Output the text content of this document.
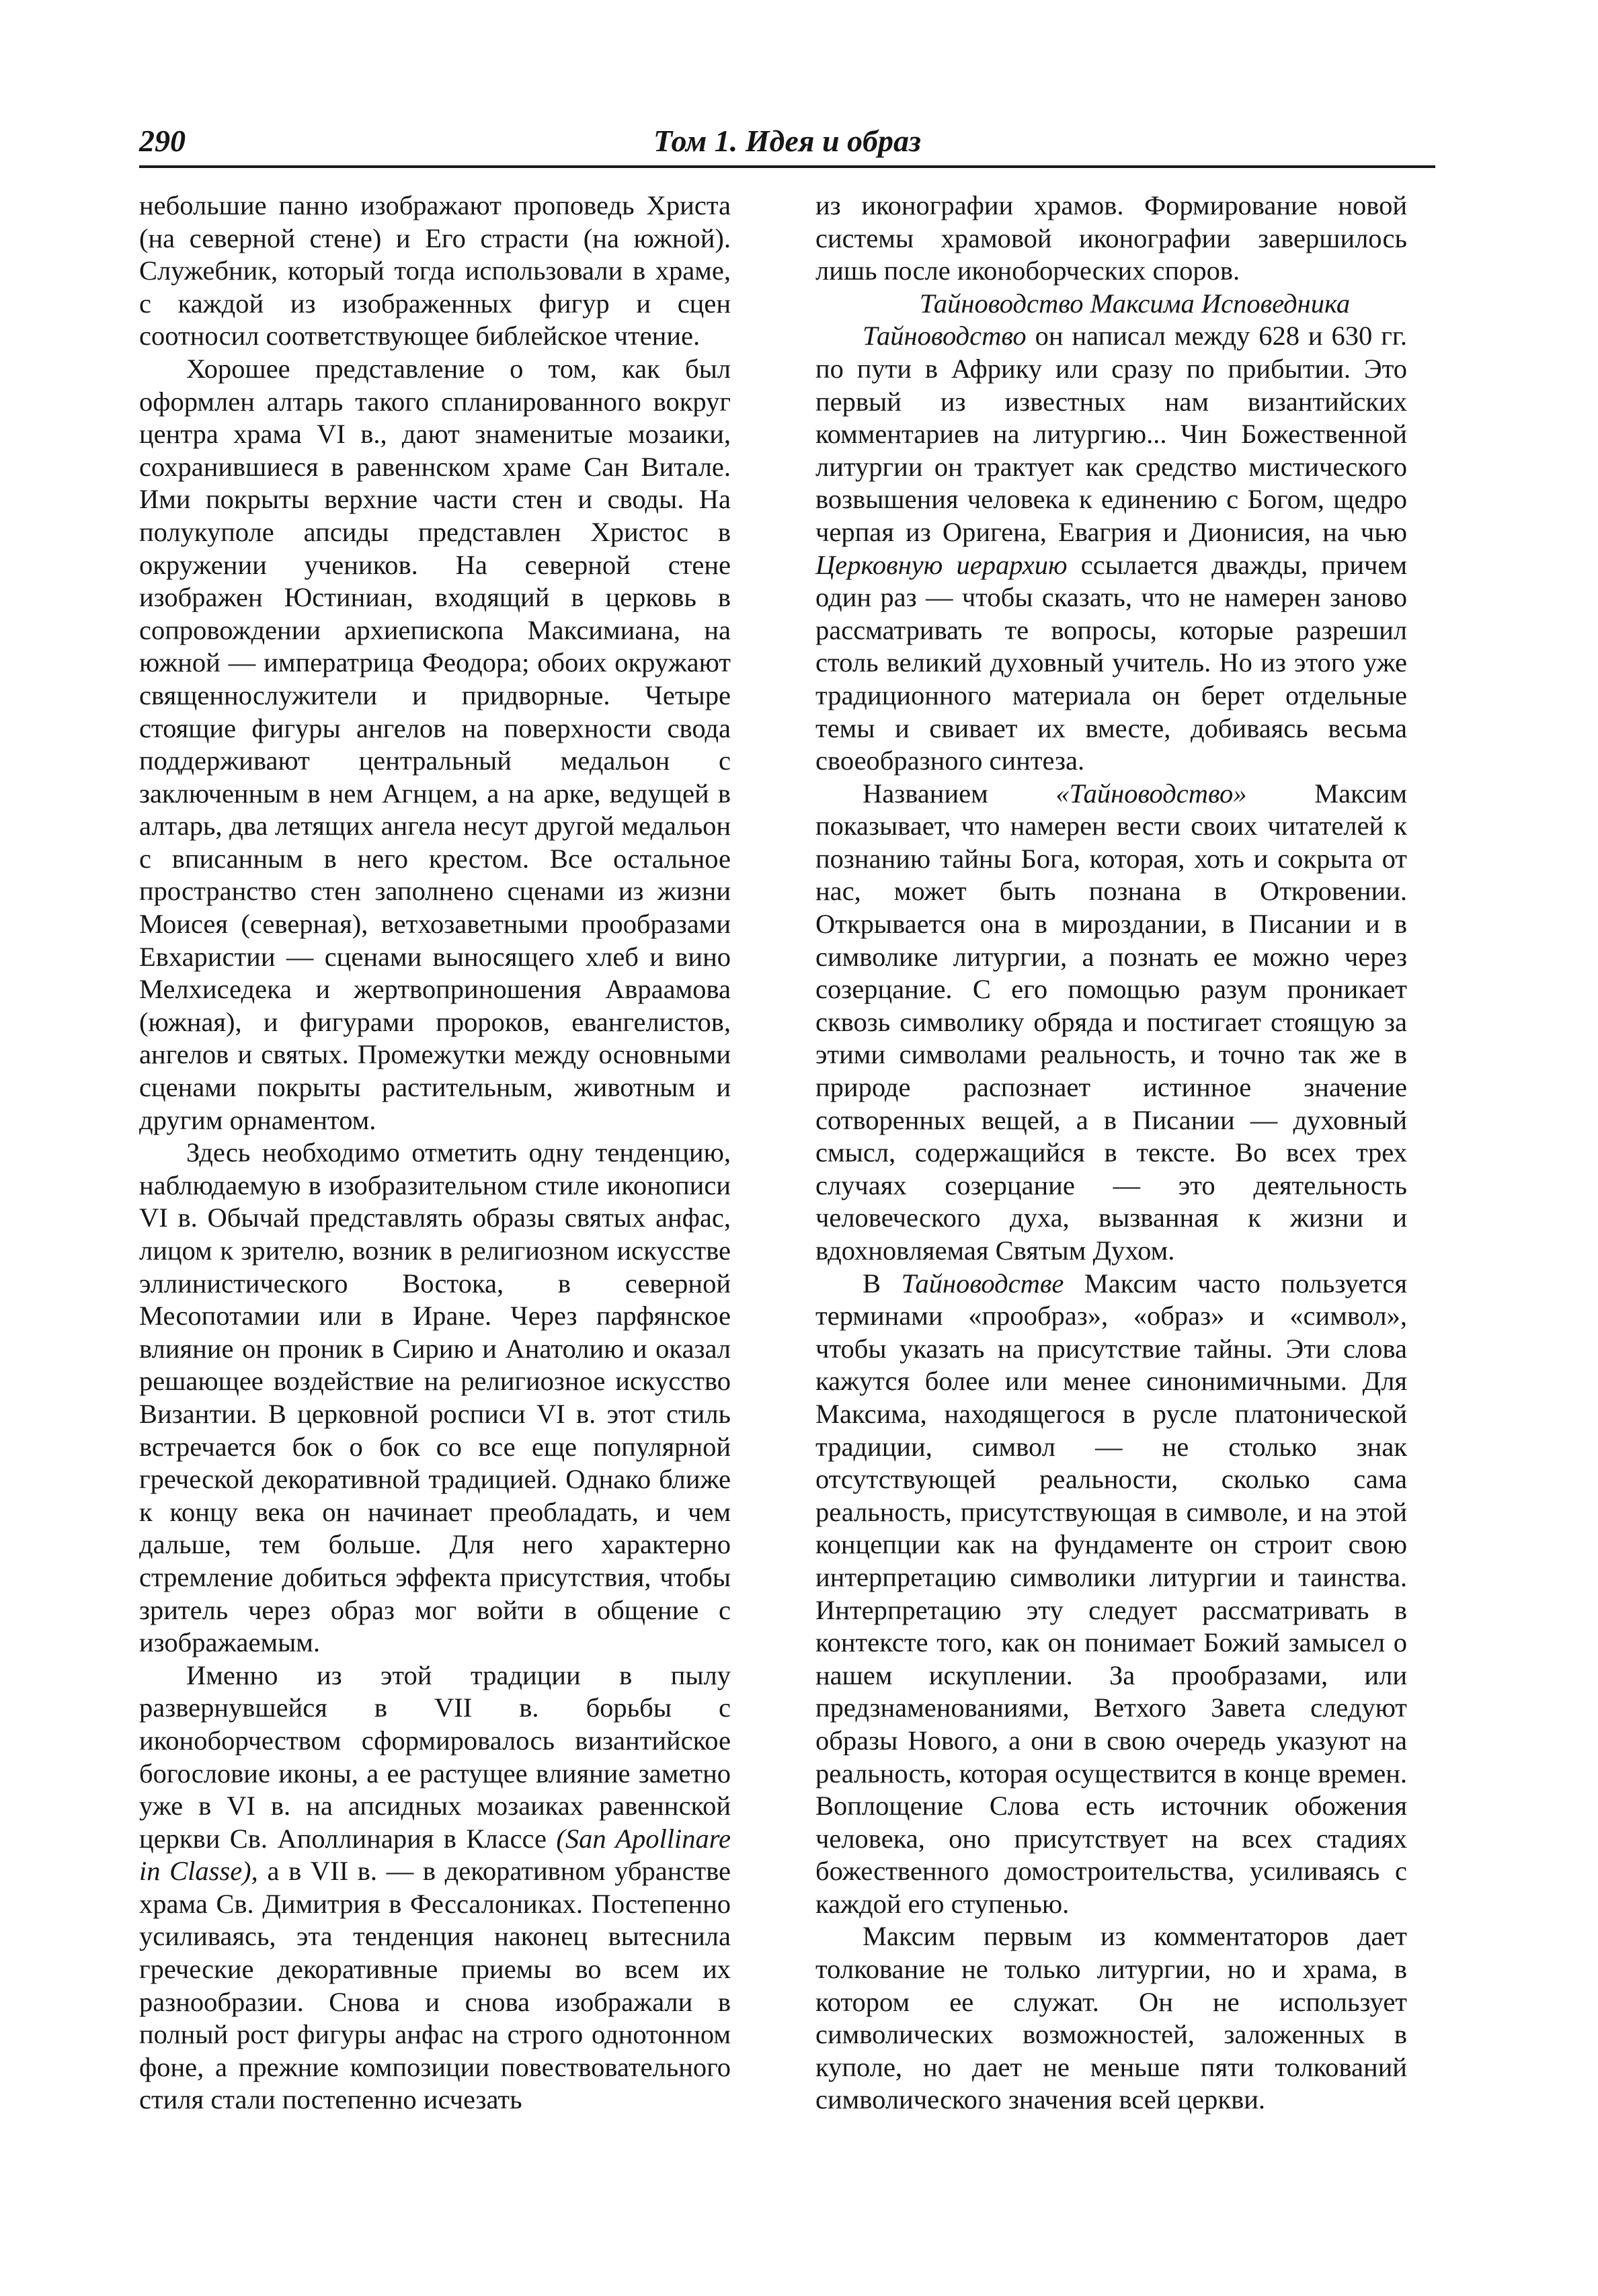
290	Том 1. Идея и образ

небольшие панно изображают проповедь Христа (на северной стене) и Его страсти (на южной). Служебник, который тогда использовали в храме, с каждой из изображенных фигур и сцен соотносил соответствующее библейское чтение.

Хорошее представление о том, как был оформлен алтарь такого спланированного вокруг центра храма VI в., дают знаменитые мозаики, сохранившиеся в равеннском храме Сан Витале. Ими покрыты верхние части стен и своды. На полукуполе апсиды представлен Христос в окружении учеников. На северной стене изображен Юстиниан, входящий в церковь в сопровождении архиепископа Максимиана, на южной — императрица Феодора; обоих окружают священнослужители и придворные. Четыре стоящие фигуры ангелов на поверхности свода поддерживают центральный медальон с заключенным в нем Агнцем, а на арке, ведущей в алтарь, два летящих ангела несут другой медальон с вписанным в него крестом. Все остальное пространство стен заполнено сценами из жизни Моисея (северная), ветхозаветными прообразами Евхаристии — сценами выносящего хлеб и вино Мелхиседека и жертвоприношения Авраамова (южная), и фигурами пророков, евангелистов, ангелов и святых. Промежутки между основными сценами покрыты растительным, животным и другим орнаментом.

Здесь необходимо отметить одну тенденцию, наблюдаемую в изобразительном стиле иконописи VI в. Обычай представлять образы святых анфас, лицом к зрителю, возник в религиозном искусстве эллинистического Востока, в северной Месопотамии или в Иране. Через парфянское влияние он проник в Сирию и Анатолию и оказал решающее воздействие на религиозное искусство Византии. В церковной росписи VI в. этот стиль встречается бок о бок со все еще популярной греческой декоративной традицией. Однако ближе к концу века он начинает преобладать, и чем дальше, тем больше. Для него характерно стремление добиться эффекта присутствия, чтобы зритель через образ мог войти в общение с изображаемым.

Именно из этой традиции в пылу развернувшейся в VII в. борьбы с иконоборчеством сформировалось византийское богословие иконы, а ее растущее влияние заметно уже в VI в. на апсидных мозаиках равеннской церкви Св. Аполлинария в Классе (San Apollinare in Classe), а в VII в. — в декоративном убранстве храма Св. Димитрия в Фессалониках. Постепенно усиливаясь, эта тенденция наконец вытеснила греческие декоративные приемы во всем их разнообразии. Снова и снова изображали в полный рост фигуры анфас на строго однотонном фоне, а прежние композиции повествовательного стиля стали постепенно исчезать

из иконографии храмов. Формирование новой системы храмовой иконографии завершилось лишь после иконоборческих споров.

Тайноводство Максима Исповедника

Тайноводство он написал между 628 и 630 гг. по пути в Африку или сразу по прибытии. Это первый из известных нам византийских комментариев на литургию... Чин Божественной литургии он трактует как средство мистического возвышения человека к единению с Богом, щедро черпая из Оригена, Евагрия и Дионисия, на чью Церковную иерархию ссылается дважды, причем один раз — чтобы сказать, что не намерен заново рассматривать те вопросы, которые разрешил столь великий духовный учитель. Но из этого уже традиционного материала он берет отдельные темы и свивает их вместе, добиваясь весьма своеобразного синтеза.

Названием «Тайноводство» Максим показывает, что намерен вести своих читателей к познанию тайны Бога, которая, хоть и сокрыта от нас, может быть познана в Откровении. Открывается она в мироздании, в Писании и в символике литургии, а познать ее можно через созерцание. С его помощью разум проникает сквозь символику обряда и постигает стоящую за этими символами реальность, и точно так же в природе распознает истинное значение сотворенных вещей, а в Писании — духовный смысл, содержащийся в тексте. Во всех трех случаях созерцание — это деятельность человеческого духа, вызванная к жизни и вдохновляемая Святым Духом.

В Тайноводстве Максим часто пользуется терминами «прообраз», «образ» и «символ», чтобы указать на присутствие тайны. Эти слова кажутся более или менее синонимичными. Для Максима, находящегося в русле платонической традиции, символ — не столько знак отсутствующей реальности, сколько сама реальность, присутствующая в символе, и на этой концепции как на фундаменте он строит свою интерпретацию символики литургии и таинства. Интерпретацию эту следует рассматривать в контексте того, как он понимает Божий замысел о нашем искуплении. За прообразами, или предзнаменованиями, Ветхого Завета следуют образы Нового, а они в свою очередь указуют на реальность, которая осуществится в конце времен. Воплощение Слова есть источник обожения человека, оно присутствует на всех стадиях божественного домостроительства, усиливаясь с каждой его ступенью.

Максим первым из комментаторов дает толкование не только литургии, но и храма, в котором ее служат. Он не использует символических возможностей, заложенных в куполе, но дает не меньше пяти толкований символического значения всей церкви.
